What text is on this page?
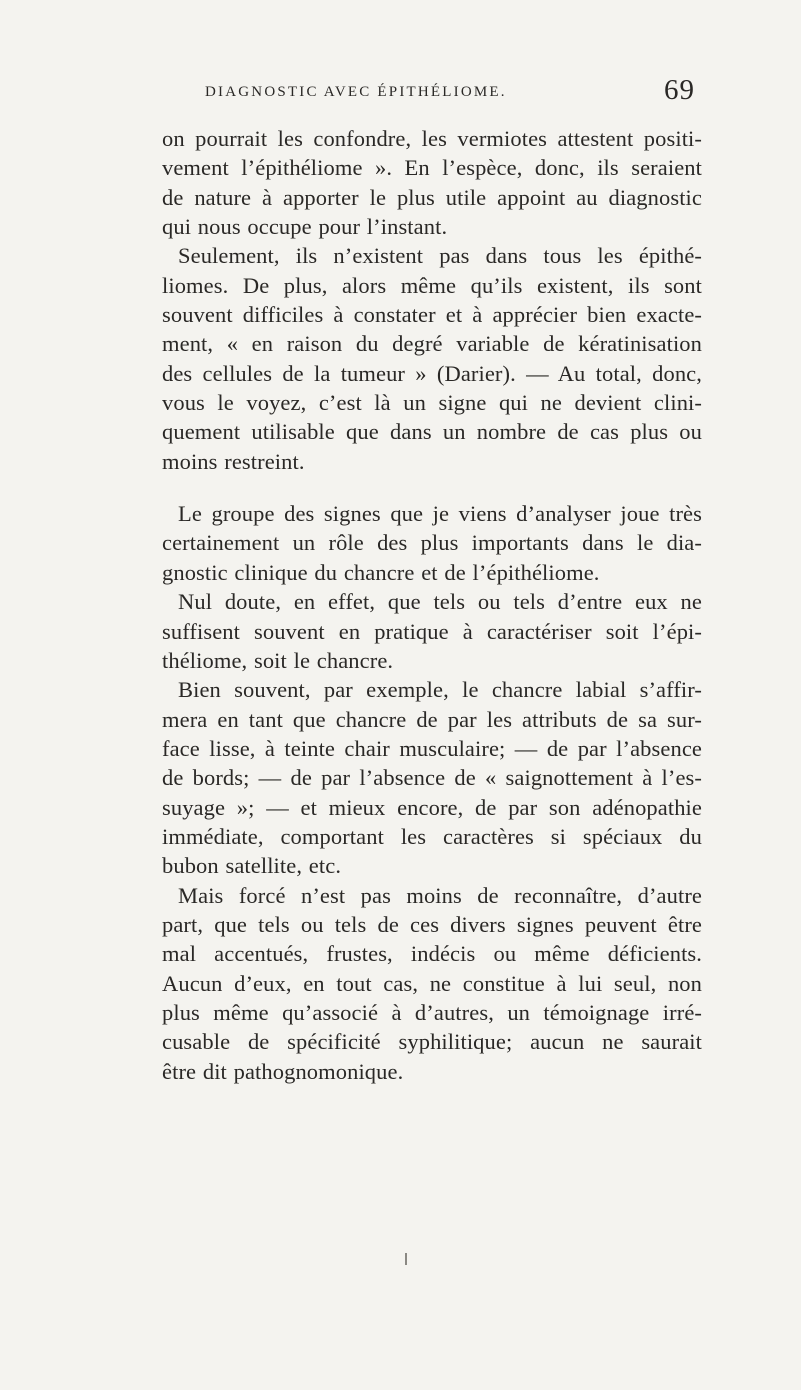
DIAGNOSTIC AVEC ÉPITHÉLIOME.	69
on pourrait les confondre, les vermiotes attestent positi-
vement l’épithéliome ». En l’espèce, donc, ils seraient
de nature à apporter le plus utile appoint au diagnostic
qui nous occupe pour l’instant.
Seulement, ils n’existent pas dans tous les épithé-
liomes. De plus, alors même qu’ils existent, ils sont
souvent difficiles à constater et à apprécier bien exacte-
ment, « en raison du degré variable de kératinisation
des cellules de la tumeur » (Darier). — Au total, donc,
vous le voyez, c’est là un signe qui ne devient clini-
quement utilisable que dans un nombre de cas plus ou
moins restreint.
Le groupe des signes que je viens d’analyser joue très
certainement un rôle des plus importants dans le dia-
gnostic clinique du chancre et de l’épithéliome.
Nul doute, en effet, que tels ou tels d’entre eux ne
suffisent souvent en pratique à caractériser soit l’épi-
théliome, soit le chancre.
Bien souvent, par exemple, le chancre labial s’affir-
mera en tant que chancre de par les attributs de sa sur-
face lisse, à teinte chair musculaire; — de par l’absence
de bords; — de par l’absence de « saignottement à l’es-
suyage »; — et mieux encore, de par son adénopathie
immédiate, comportant les caractères si spéciaux du
bubon satellite, etc.
Mais forcé n’est pas moins de reconnaître, d’autre
part, que tels ou tels de ces divers signes peuvent être
mal accentués, frustes, indécis ou même déficients.
Aucun d’eux, en tout cas, ne constitue à lui seul, non
plus même qu’associé à d’autres, un témoignage irré-
cusable de spécificité syphilitique; aucun ne saurait
être dit pathognomonique.
